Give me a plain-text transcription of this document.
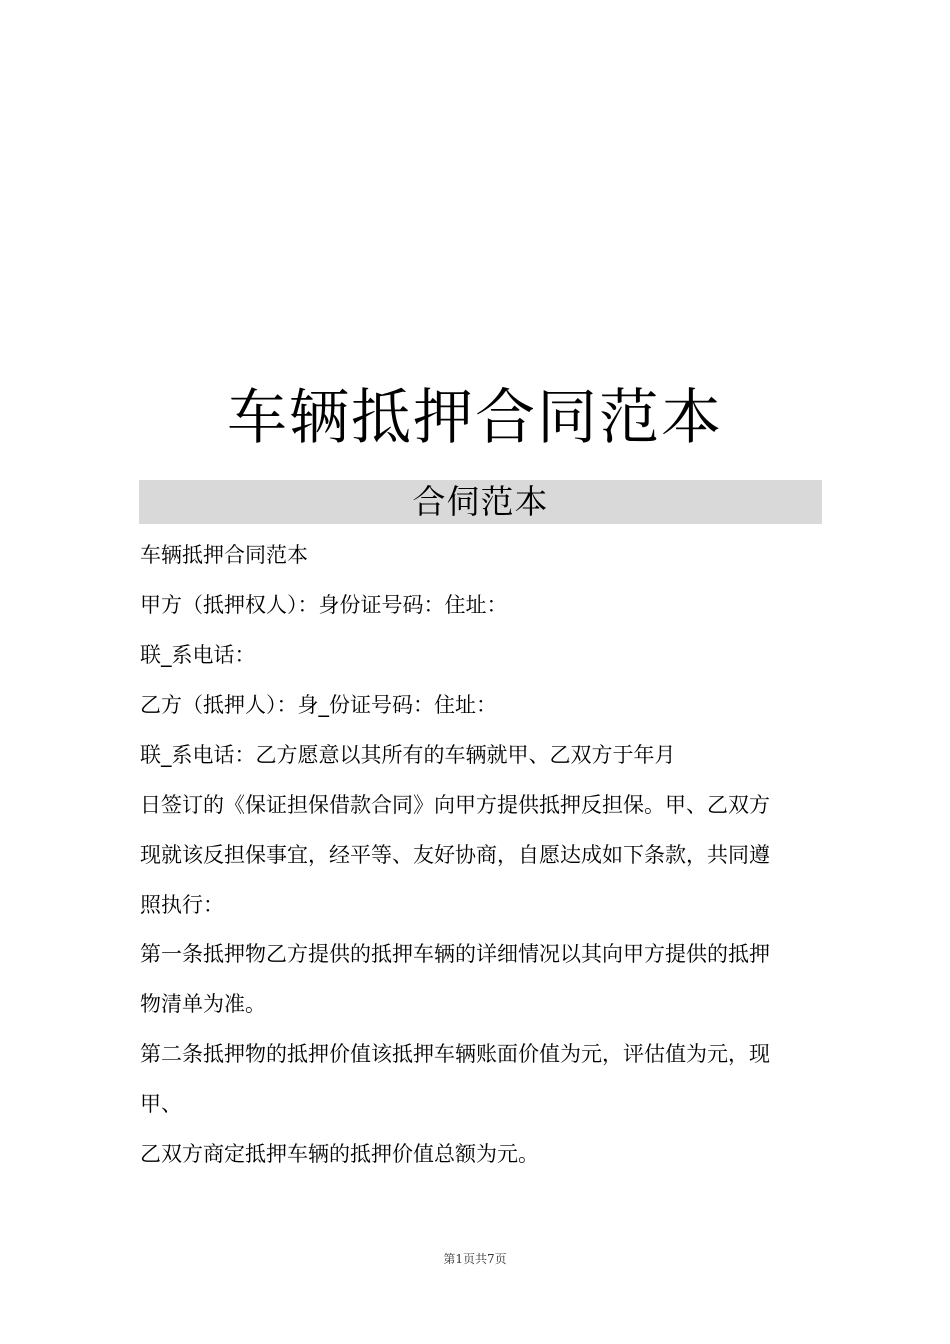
车辆抵押合同范本
合伺范本
车辆抵押合同范本
甲方（抵押权人）：身份证号码：住址：
联_系电话：
乙方（抵押人）：身_份证号码：住址：
联_系电话：乙方愿意以其所有的车辆就甲、乙双方于年月
日签订的《保证担保借款合同》向甲方提供抵押反担保。甲、乙双方
现就该反担保事宜，经平等、友好协商，自愿达成如下条款，共同遵
照执行：
第一条抵押物乙方提供的抵押车辆的详细情况以其向甲方提供的抵押
物清单为准。
第二条抵押物的抵押价值该抵押车辆账面价值为元，评估值为元，现
甲、
乙双方商定抵押车辆的抵押价值总额为元。
第1页共7页
